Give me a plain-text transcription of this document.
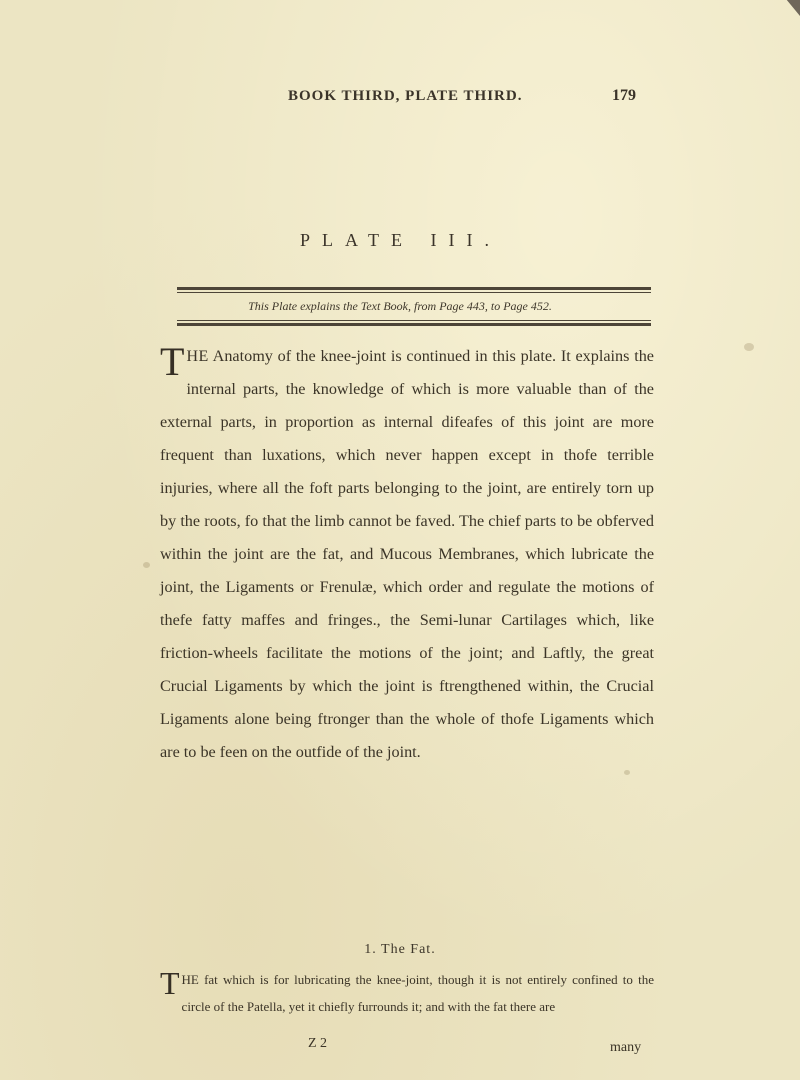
BOOK THIRD, PLATE THIRD.	179
PLATE III.
This Plate explains the Text Book, from Page 443, to Page 452.

THE Anatomy of the knee-joint is continued in this plate. It explains the internal parts, the knowledge of which is more valuable than of the external parts, in proportion as internal difeafes of this joint are more frequent than luxations, which never happen except in thofe terrible injuries, where all the foft parts belonging to the joint, are entirely torn up by the roots, fo that the limb cannot be faved. The chief parts to be obferved within the joint are the fat, and Mucous Membranes, which lubricate the joint, the Ligaments or Frenulæ, which order and regulate the motions of thefe fatty maffes and fringes., the Semi-lunar Cartilages which, like friction-wheels facilitate the motions of the joint; and Laftly, the great Crucial Ligaments by which the joint is ftrengthened within, the Crucial Ligaments alone being ftronger than the whole of thofe Ligaments which are to be feen on the outfide of the joint.

1. The Fat.

THE fat which is for lubricating the knee-joint, though it is not entirely confined to the circle of the Patella, yet it chiefly furrounds it; and with the fat there are

Z 2	many
